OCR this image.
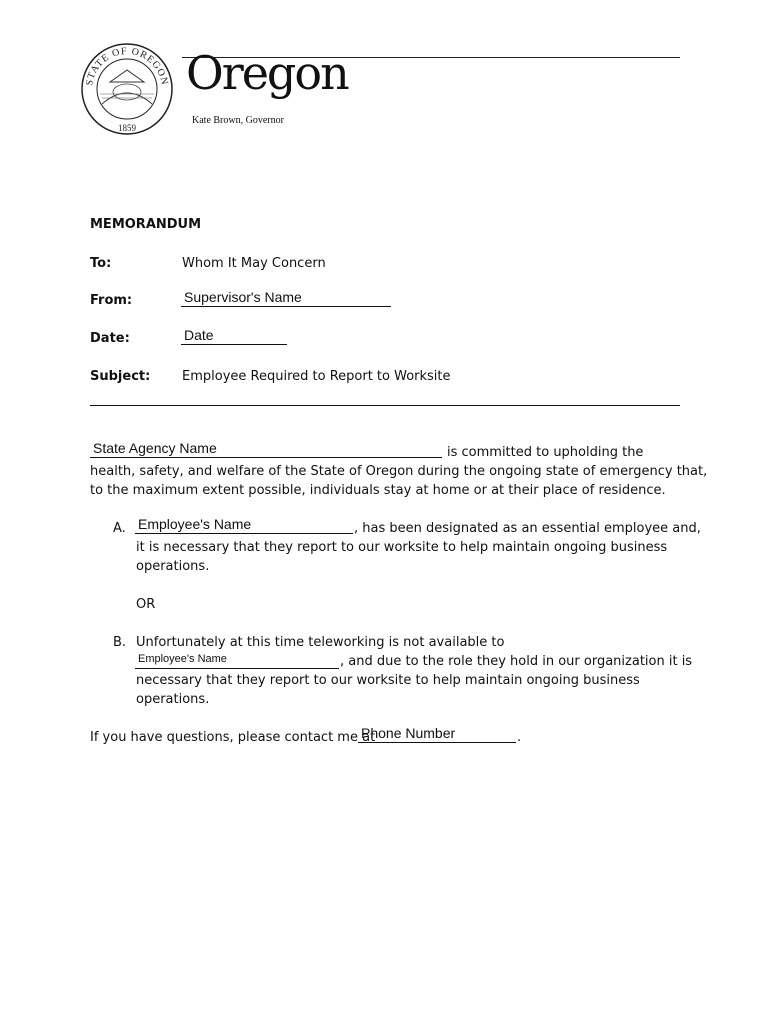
STATE OF OREGON
1859
Oregon
Kate Brown, Governor
MEMORANDUM
To:	Whom It May Concern
From:	Supervisor's Name
Date:	Date
Subject: Employee Required to Report to Worksite
State Agency Name	is committed to upholding the
health, safety, and welfare of the State of Oregon during the ongoing state of emergency that,
to the maximum extent possible, individuals stay at home or at their place of residence.
A. Employee's Name	, has been designated as an essential employee and,
it is necessary that they report to our worksite to help maintain ongoing business
operations.
OR
B. Unfortunately at this time teleworking is not available to
Employee's Name	, and due to the role they hold in our organization it is
necessary that they report to our worksite to help maintain ongoing business
operations.
If you have questions, please contact me at
Phone Number	.
